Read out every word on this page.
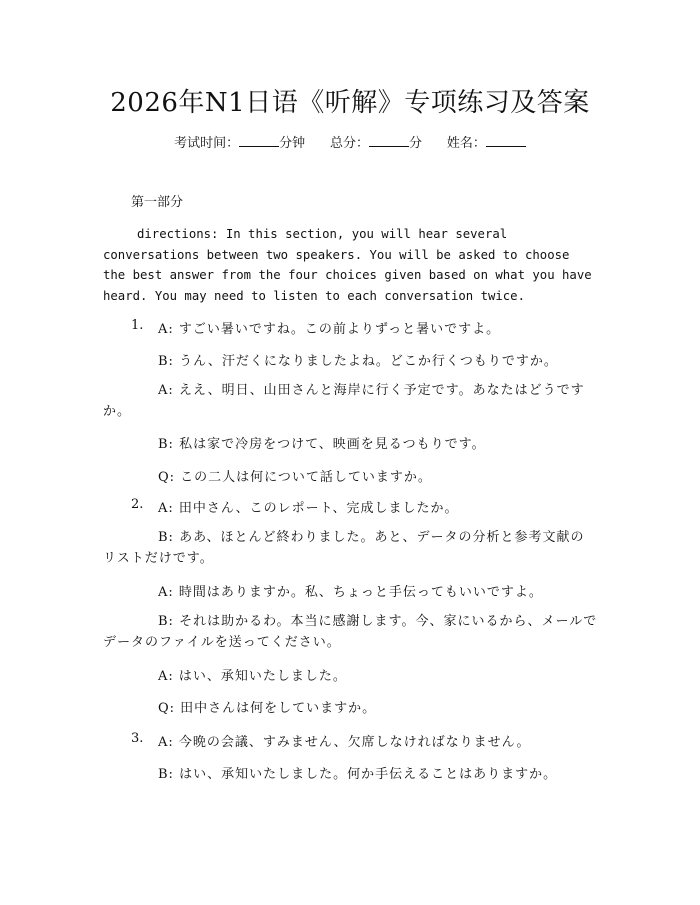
2026年N1日语《听解》专项练习及答案
考试时间：	分钟 总分：	分 姓名：
第一部分
directions: In this section, you will hear several conversations between two speakers. You will be asked to choose the best answer from the four choices given based on what you have heard. You may need to listen to each conversation twice.
1. A: すごい暑いですね。この前よりずっと暑いですよ。
B: うん、汗だくになりましたよね。どこか行くつもりですか。
A: ええ、明日、山田さんと海岸に行く予定です。あなたはどうですか。
B: 私は家で冷房をつけて、映画を見るつもりです。
Q: この二人は何について話していますか。
2. A: 田中さん、このレポート、完成しましたか。
B: ああ、ほとんど終わりました。あと、データの分析と参考文献のリストだけです。
A: 時間はありますか。私、ちょっと手伝ってもいいですよ。
B: それは助かるわ。本当に感謝します。今、家にいるから、メールでデータのファイルを送ってください。
A: はい、承知いたしました。
Q: 田中さんは何をしていますか。
3. A: 今晩の会議、すみません、欠席しなければなりません。
B: はい、承知いたしました。何か手伝えることはありますか。
